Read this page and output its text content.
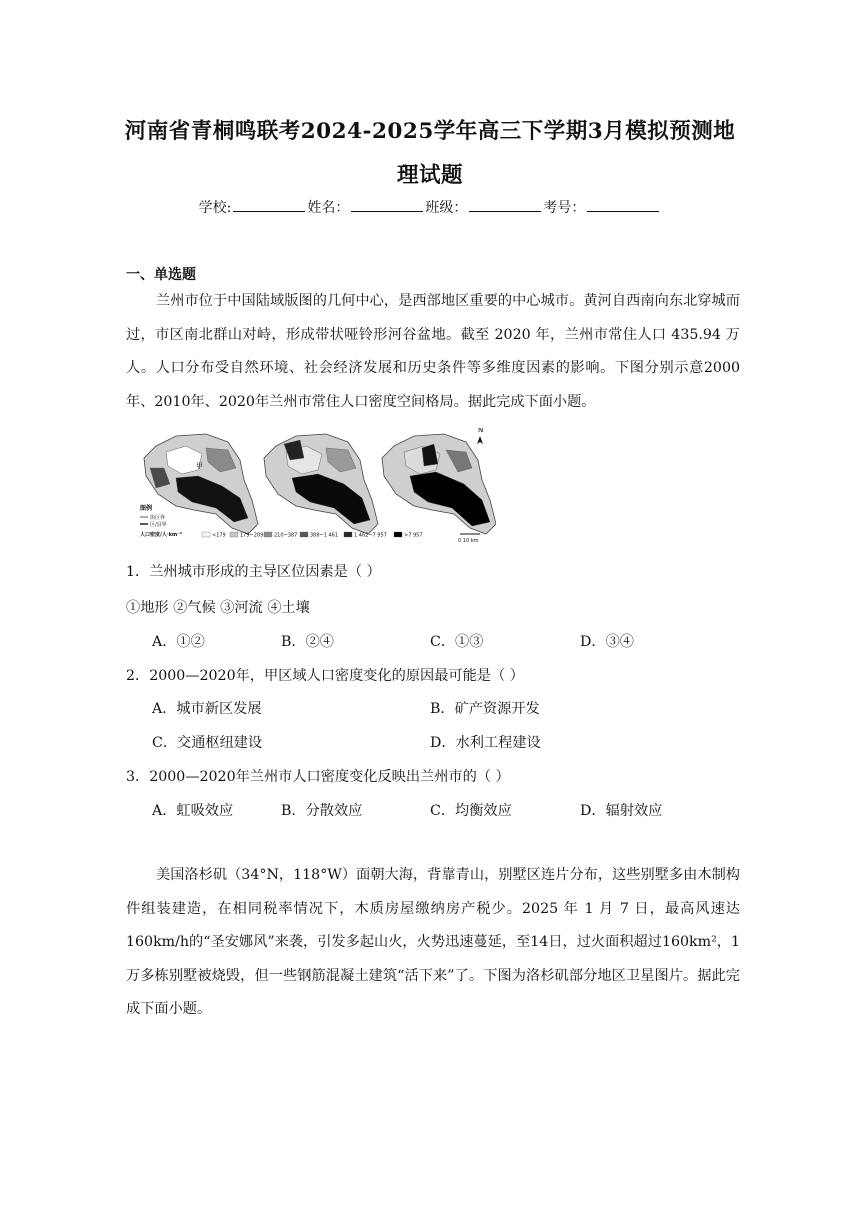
河南省青桐鸣联考2024-2025学年高三下学期3月模拟预测地
理试题
学校:	姓名：	班级：	考号：
一、单选题
兰州市位于中国陆域版图的几何中心，是西部地区重要的中心城市。黄河自西南向东北穿城而过，市区南北群山对峙，形成带状哑铃形河谷盆地。截至 2020 年，兰州市常住人口 435.94 万人。人口分布受自然环境、社会经济发展和历史条件等多维度因素的影响。下图分别示意2000年、2010年、2020年兰州市常住人口密度空间格局。据此完成下面小题。
甲
N
图例
街区界
区/县界
人口密度/人·km⁻²	<179	179~209 210~387	388~1 461	1 462~7 957	>7 957
0 10 km
1．兰州城市形成的主导区位因素是（ ）
①地形 ②气候 ③河流 ④土壤
A．①②	B．②④	C．①③	D．③④
2．2000—2020年，甲区域人口密度变化的原因最可能是（ ）
A．城市新区发展	B．矿产资源开发
C．交通枢纽建设	D．水利工程建设
3．2000—2020年兰州市人口密度变化反映出兰州市的（ ）
A．虹吸效应	B．分散效应	C．均衡效应	D．辐射效应
美国洛杉矶（34°N，118°W）面朝大海，背靠青山，别墅区连片分布，这些别墅多由木制构件组装建造，在相同税率情况下，木质房屋缴纳房产税少。2025 年 1 月 7 日，最高风速达160km/h的“圣安娜风”来袭，引发多起山火，火势迅速蔓延，至14日，过火面积超过160km²，1万多栋别墅被烧毁，但一些钢筋混凝土建筑“活下来”了。下图为洛杉矶部分地区卫星图片。据此完成下面小题。
